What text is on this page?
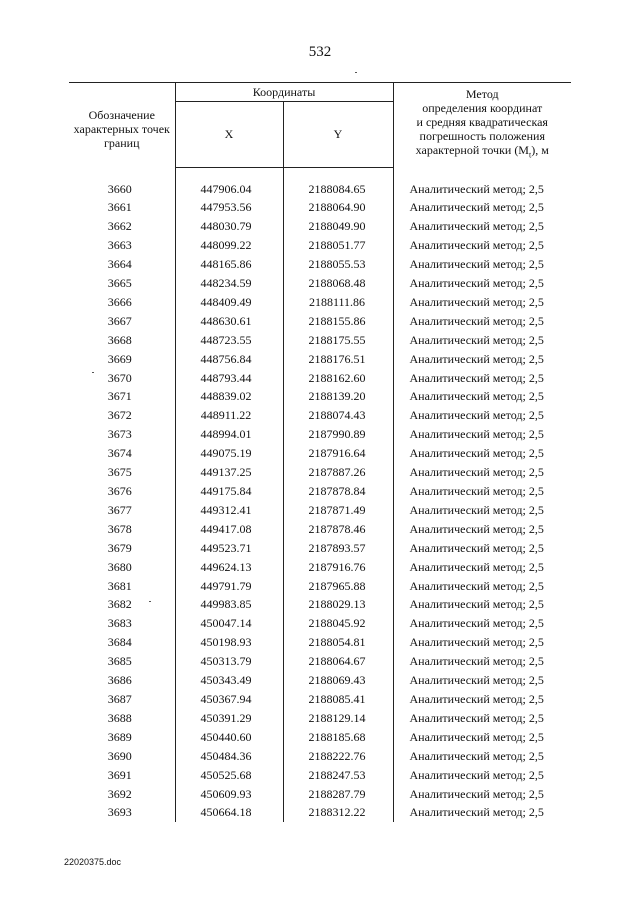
532
Обозначение характерных точек границ	Координаты		Метод
определения координат
и средняя квадратическая
погрешность положения
характерной точки $(M_t)$, м

	X	Y	

3660	447906.04	2188084.65	Аналитический метод; 2,5
3661	447953.56	2188064.90	Аналитический метод; 2,5
3662	448030.79	2188049.90	Аналитический метод; 2,5
3663	448099.22	2188051.77	Аналитический метод; 2,5
3664	448165.86	2188055.53	Аналитический метод; 2,5
3665	448234.59	2188068.48	Аналитический метод; 2,5
3666	448409.49	2188111.86	Аналитический метод; 2,5
3667	448630.61	2188155.86	Аналитический метод; 2,5
3668	448723.55	2188175.55	Аналитический метод; 2,5
3669	448756.84	2188176.51	Аналитический метод; 2,5
3670	448793.44	2188162.60	Аналитический метод; 2,5
3671	448839.02	2188139.20	Аналитический метод; 2,5
3672	448911.22	2188074.43	Аналитический метод; 2,5
3673	448994.01	2187990.89	Аналитический метод; 2,5
3674	449075.19	2187916.64	Аналитический метод; 2,5
3675	449137.25	2187887.26	Аналитический метод; 2,5
3676	449175.84	2187878.84	Аналитический метод; 2,5
3677	449312.41	2187871.49	Аналитический метод; 2,5
3678	449417.08	2187878.46	Аналитический метод; 2,5
3679	449523.71	2187893.57	Аналитический метод; 2,5
3680	449624.13	2187916.76	Аналитический метод; 2,5
3681	449791.79	2187965.88	Аналитический метод; 2,5
3682	449983.85	2188029.13	Аналитический метод; 2,5
3683	450047.14	2188045.92	Аналитический метод; 2,5
3684	450198.93	2188054.81	Аналитический метод; 2,5
3685	450313.79	2188064.67	Аналитический метод; 2,5
3686	450343.49	2188069.43	Аналитический метод; 2,5
3687	450367.94	2188085.41	Аналитический метод; 2,5
3688	450391.29	2188129.14	Аналитический метод; 2,5
3689	450440.60	2188185.68	Аналитический метод; 2,5
3690	450484.36	2188222.76	Аналитический метод; 2,5
3691	450525.68	2188247.53	Аналитический метод; 2,5
3692	450609.93	2188287.79	Аналитический метод; 2,5
3693	450664.18	2188312.22	Аналитический метод; 2,5
22020375.doc
